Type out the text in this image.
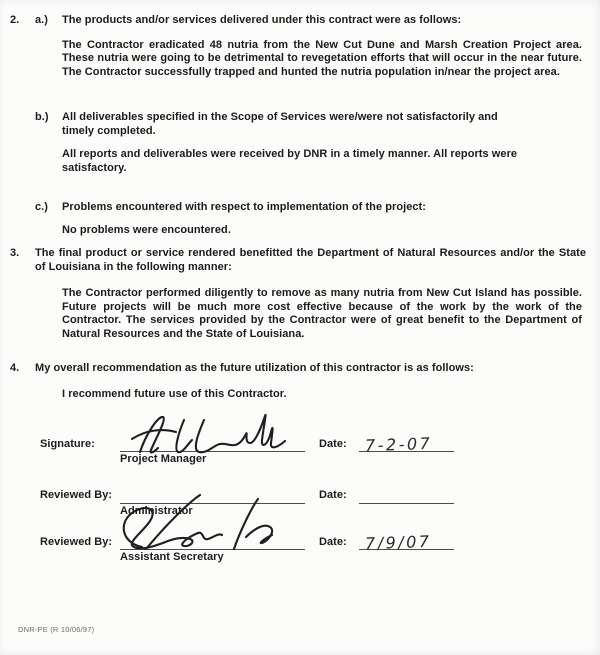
2.	a.)	The products and/or services delivered under this contract were as follows:

The Contractor eradicated 48 nutria from the New Cut Dune and Marsh Creation Project area. These nutria were going to be detrimental to revegetation efforts that will occur in the near future. The Contractor successfully trapped and hunted the nutria population in/near the project area.

b.)	All deliverables specified in the Scope of Services were/were not satisfactorily and timely completed.

All reports and deliverables were received by DNR in a timely manner. All reports were satisfactory.

c.)	Problems encountered with respect to implementation of the project:

No problems were encountered.

3.	The final product or service rendered benefitted the Department of Natural Resources and/or the State of Louisiana in the following manner:

The Contractor performed diligently to remove as many nutria from New Cut Island has possible. Future projects will be much more cost effective because of the work by the work of the Contractor. The services provided by the Contractor were of great benefit to the Department of Natural Resources and the State of Louisiana.

4.	My overall recommendation as the future utilization of this contractor is as follows:

I recommend future use of this Contractor.

Signature:	Date: 7-2-07
Project Manager
Reviewed By:	Date:
Administrator
Reviewed By:	Date: 7/9/07
Assistant Secretary
DNR-PE (R 10/06/97)
